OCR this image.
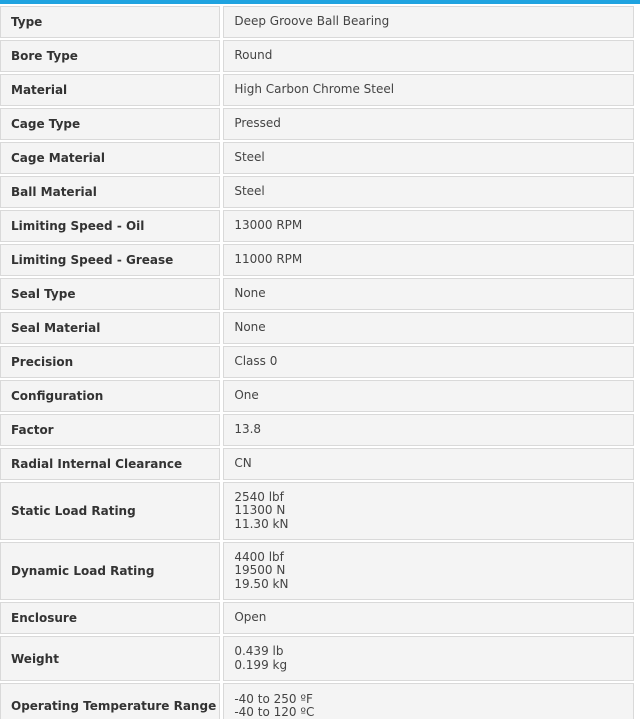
Type	Deep Groove Ball Bearing

Bore Type	Round

Material	High Carbon Chrome Steel

Cage Type	Pressed

Cage Material	Steel

Ball Material	Steel

Limiting Speed - Oil	13000 RPM

Limiting Speed - Grease	11000 RPM

Seal Type	None

Seal Material	None

Precision	Class 0

Configuration	One

Factor	13.8

Radial Internal Clearance	CN

Static Load Rating	2540 lbf
11300 N
11.30 kN

Dynamic Load Rating	4400 lbf
19500 N
19.50 kN

Enclosure	Open

Weight	0.439 lb
0.199 kg

Operating Temperature Range	-40 to 250 ºF
-40 to 120 ºC
